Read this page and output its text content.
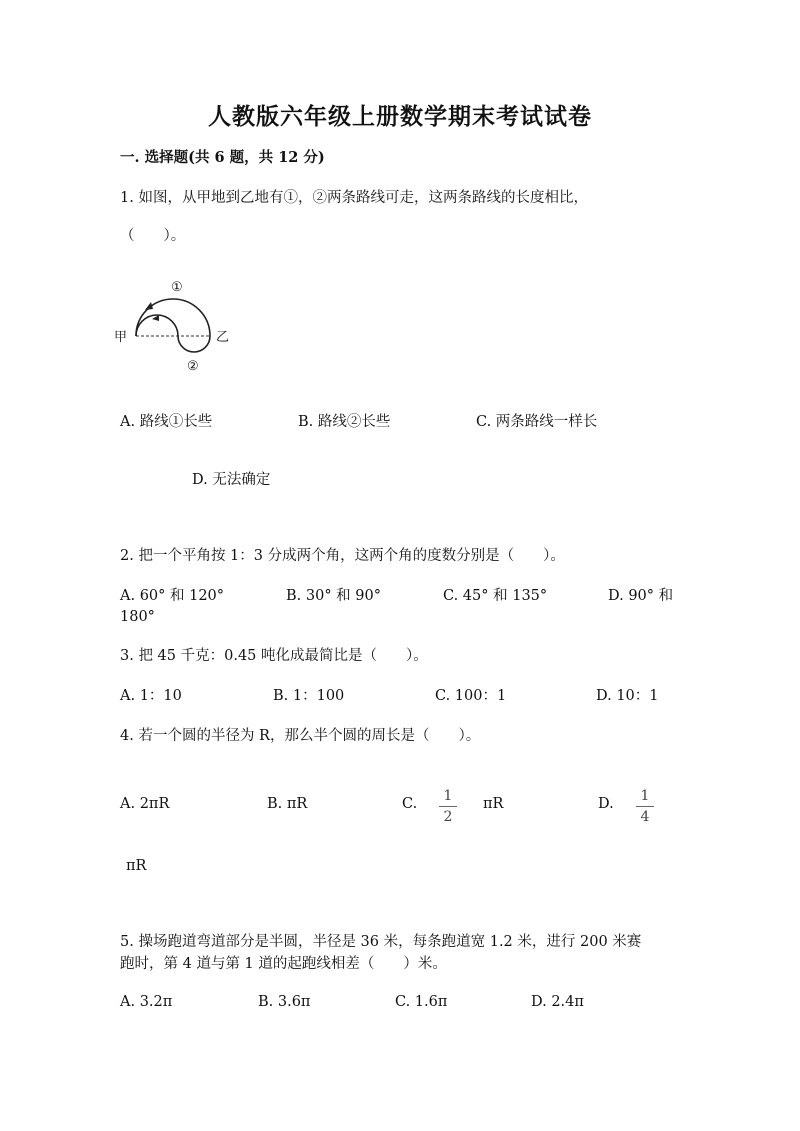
人教版六年级上册数学期末考试试卷
一. 选择题(共 6 题，共 12 分)
1. 如图，从甲地到乙地有①，②两条路线可走，这两条路线的长度相比，
（　　）。
甲	乙
①
②
A. 路线①长些	B. 路线②长些	C. 两条路线一样长
D. 无法确定
2. 把一个平角按 1：3 分成两个角，这两个角的度数分别是（　　）。
A. 60° 和 120°	B. 30° 和 90°	C. 45° 和 135°	D. 90° 和
180°
3. 把 45 千克：0.45 吨化成最简比是（　　）。
A. 1：10	B. 1：100	C. 100：1	D. 10：1
4. 若一个圆的半径为 R，那么半个圆的周长是（　　）。
A. 2πR	B. πR	C. $\frac{1}{2}$ πR	D. $\frac{1}{4}$
πR
5. 操场跑道弯道部分是半圆，半径是 36 米，每条跑道宽 1.2 米，进行 200 米赛
跑时，第 4 道与第 1 道的起跑线相差（　　）米。
A. 3.2π	B. 3.6π	C. 1.6π	D. 2.4π
